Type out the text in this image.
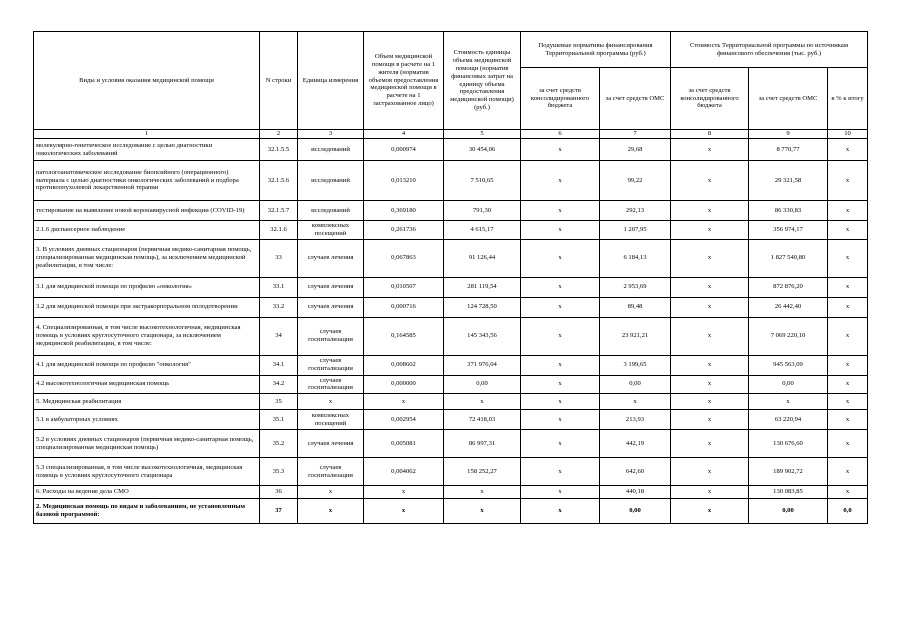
Виды и условия оказания медицинской помощи	N строки	Единица измерения	Объем медицинской помощи в расчете на 1 жителя (норматив объемов предоставления медицинской помощи в расчете на 1 застрахованное лицо)	Стоимость единицы объема медицинской помощи (норматив финансовых затрат на единицу объема предоставления медицинской помощи) (руб.)	Подушевые нормативы финансирования Территориальной программы (руб.)		Стоимость Территориальной программы по источникам финансового обеспечения (тыс. руб.)		
					за счет средств консолидированного бюджета	за счет средств ОМС	за счет средств консолидированного бюджета	за счет средств ОМС	в % к итогу
1	2	3	4	5	6	7	8	9	10
молекулярно-генетическое исследование с целью диагностики онкологических заболеваний	32.1.5.5	исследований	0,000974	30 454,06	х	29,68	х	8 770,77	х
патологоанатомическое исследование биопсийного (операционного) материала с целью диагностики онкологических заболеваний и подбора противоопухолевой лекарственной терапии	32.1.5.6	исследований	0,013210	7 510,65	х	99,22	х	29 321,58	х
тестирование на выявление новой коронавирусной инфекции (COVID-19)	32.1.5.7	исследований	0,369180	791,30	х	292,13	х	86 330,83	х
2.1.6 диспансерное наблюдение	32.1.6	комплексных посещений	0,261736	4 615,17	х	1 207,95	х	356 974,17	х
3. В условиях дневных стационаров (первичная медико-санитарная помощь, специализированная медицинская помощь), за исключением медицинской реабилитации, в том числе:	33	случаев лечения	0,067863	91 126,44	х	6 184,13	х	1 827 540,80	х
3.1 для медицинской помощи по профилю «онкология»	33.1	случаев лечения	0,010507	281 119,54	х	2 953,69	х	872 876,20	х
3.2 для медицинской помощи при экстракорпоральном оплодотворении	33.2	случаев лечения	0,000716	124 728,50	х	89,48	х	26 442,40	х
4. Специализированная, в том числе высокотехнологичная, медицинская помощь в условиях круглосуточного стационара, за исключением медицинской реабилитации, в том числе:	34	случаев госпитализации	0,164585	145 343,56	х	23 921,21	х	7 069 220,10	х
4.1 для медицинской помощи по профилю "онкология"	34.1	случаев госпитализации	0,008602	371 976,04	х	3 199,65	х	945 563,09	х
4.2 высокотехнологичная медицинская помощь	34.2	случаев госпитализации	0,000000	0,00	х	0,00	х	0,00	х
5. Медицинская реабилитация	35	х	х	х	х	х	х	х	х
5.1 в амбулаторных условиях	35.1	комплексных посещений	0,002954	72 418,03	х	213,93	х	63 220,94	х
5.2 в условиях дневных стационаров (первичная медико-санитарная помощь, специализированная медицинская помощь)	35.2	случаев лечения	0,005081	86 997,31	х	442,19	х	130 676,60	х
5.3 специализированная, в том числе высокотехнологичная, медицинская помощь в условиях круглосуточного стационара	35.3	случаев госпитализации	0,004062	158 252,27	х	642,60	х	189 902,72	х
6. Расходы на ведение дела СМО	36	х	х	х	х	440,18	х	130 083,85	х
2. Медицинская помощь по видам и заболеваниям, не установленным базовой программой:	37	х	х	х	х	0,00	х	0,00	0,0
